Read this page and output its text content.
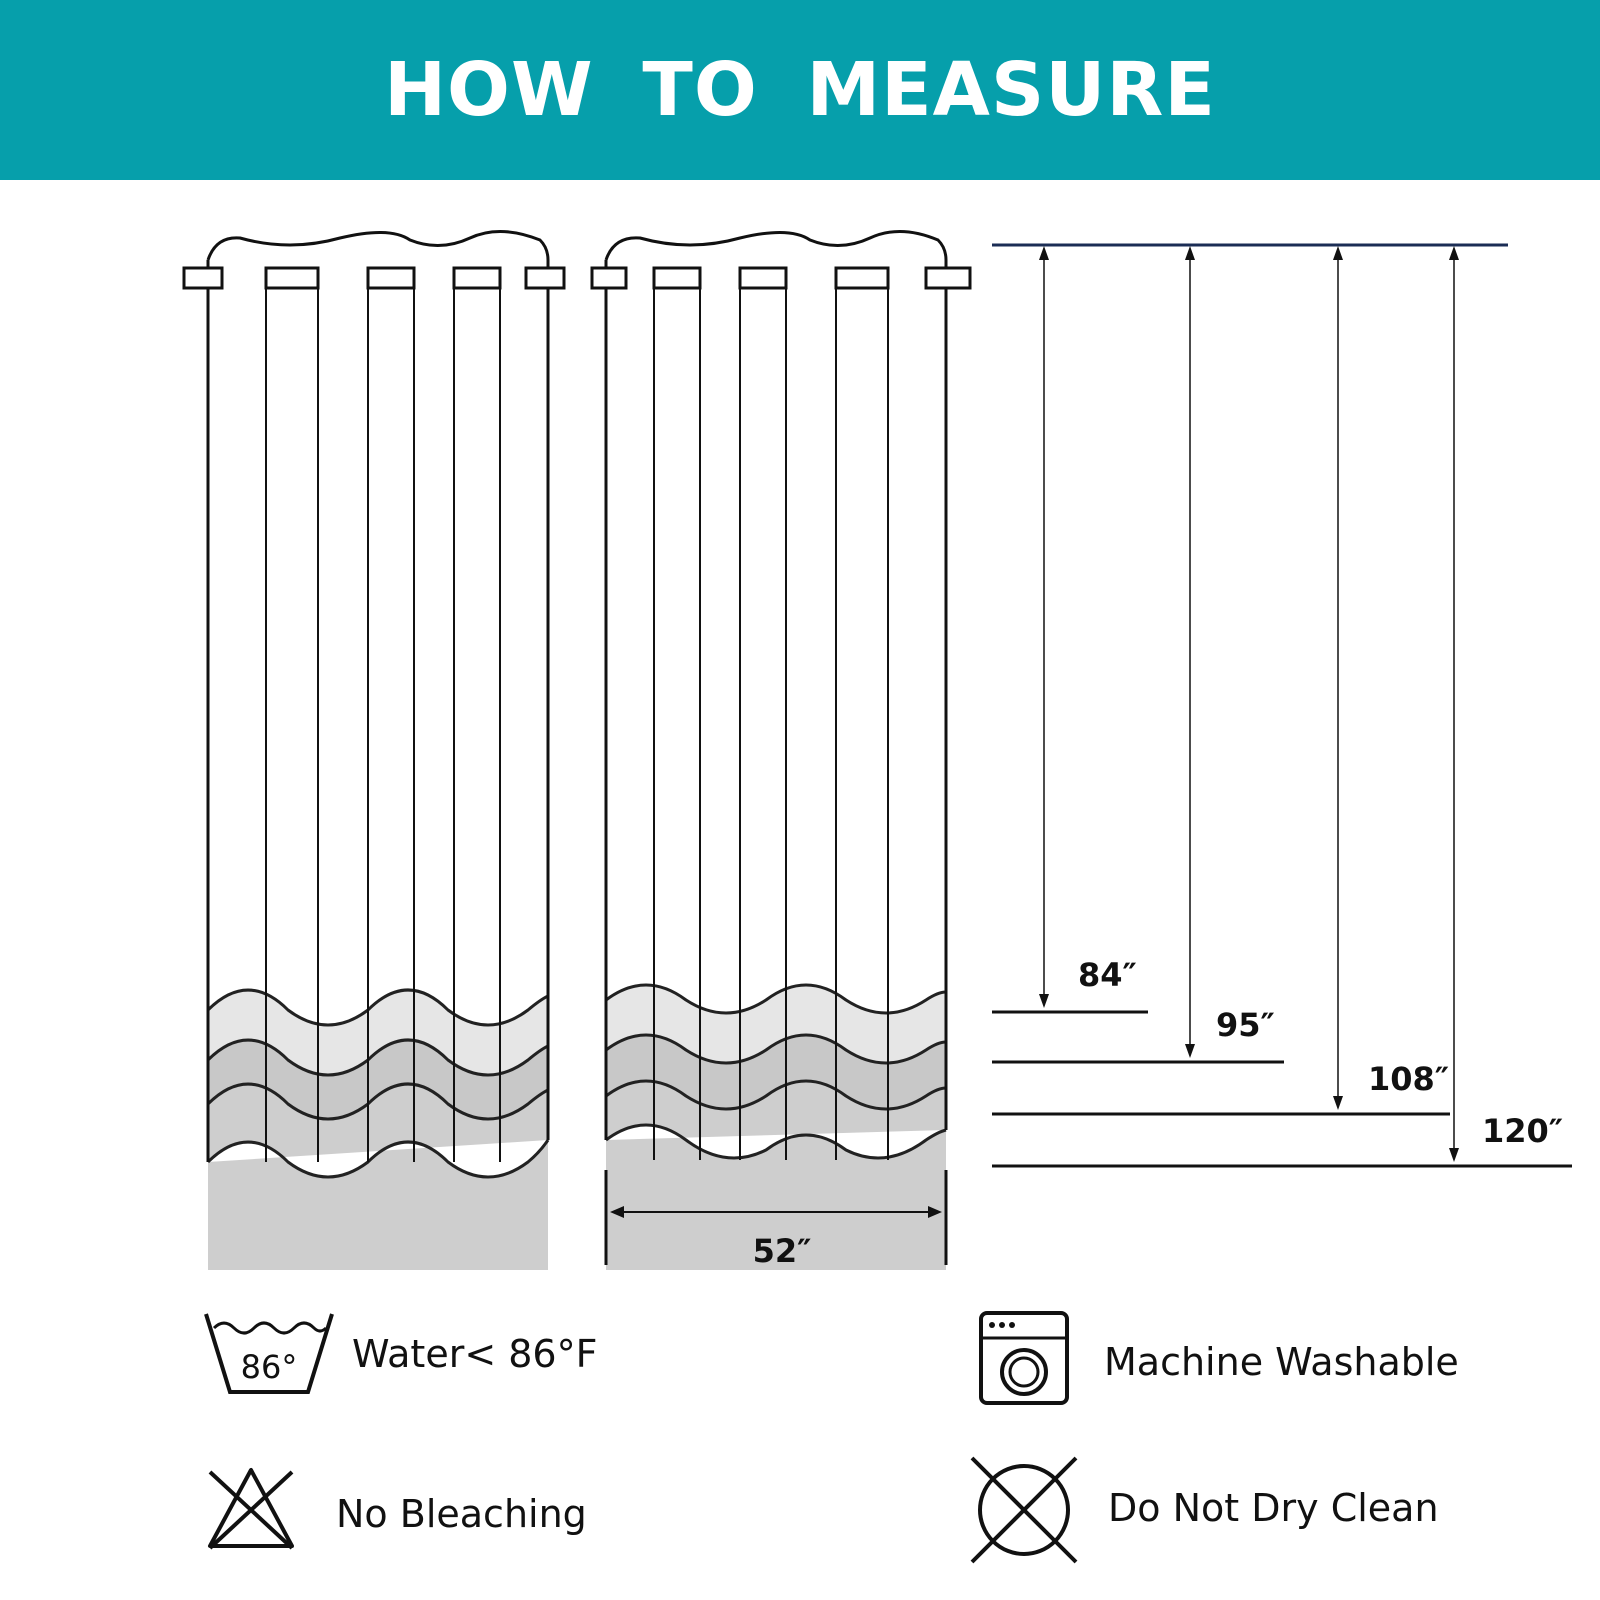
HOW TO MEASURE
52″
84″
95″
108″
120″
86° Water< 86°F	Machine Washable
No Bleaching	Do Not Dry Clean
